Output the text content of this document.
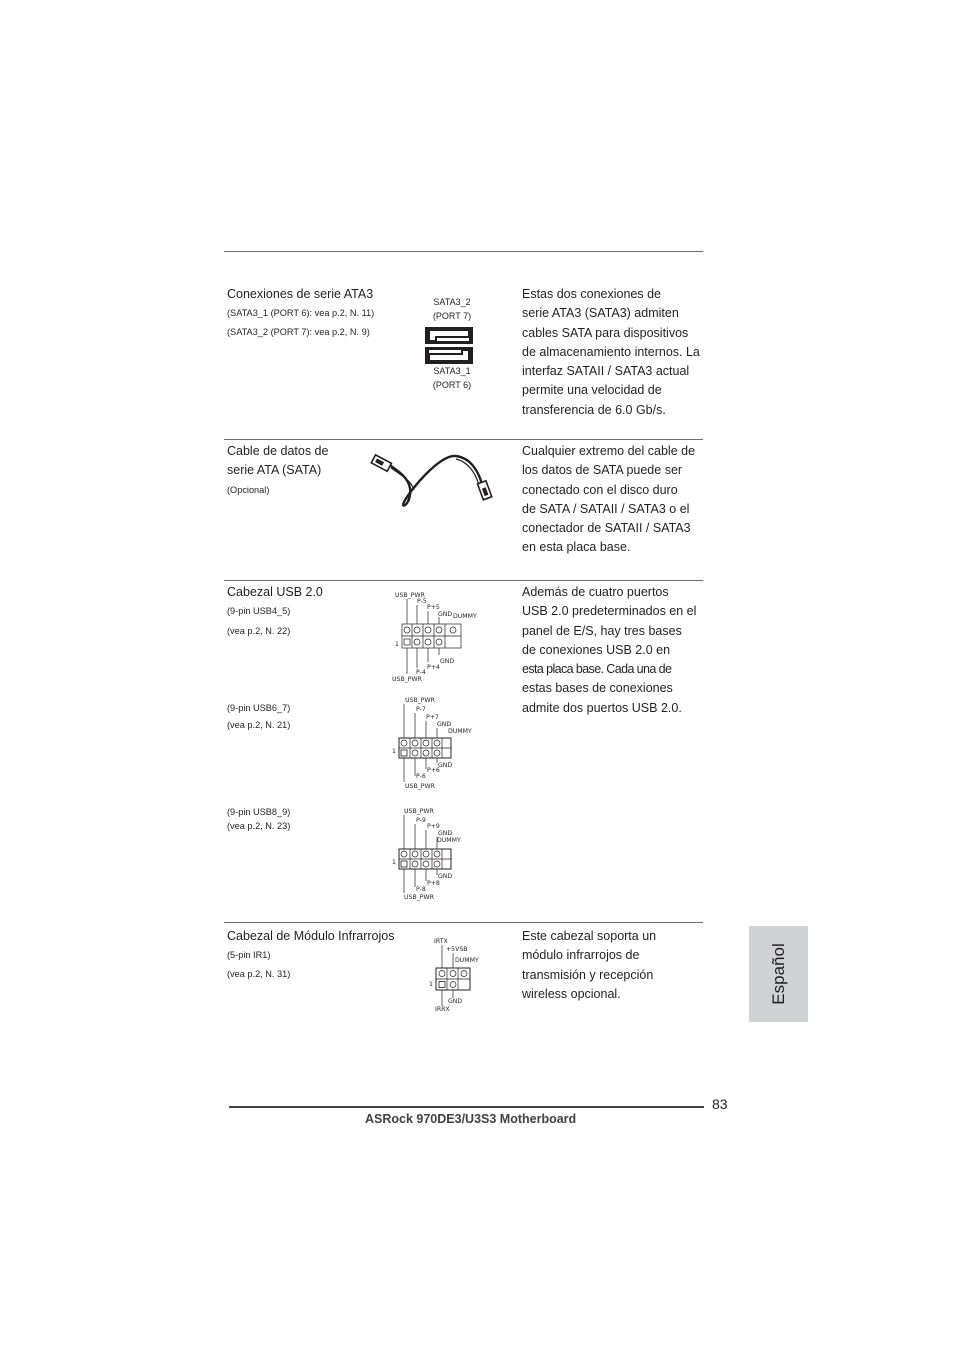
Conexiones de serie ATA3
(SATA3_1 (PORT 6): vea p.2, N. 11)
(SATA3_2 (PORT 7): vea p.2, N. 9)
SATA3_2
(PORT 7)
SATA3_1
(PORT 6)
Estas dos conexiones de
serie ATA3 (SATA3) admiten
cables SATA para dispositivos
de almacenamiento internos. La
interfaz SATAII / SATA3 actual
permite una velocidad de
transferencia de 6.0 Gb/s.
Cable de datos de
serie ATA (SATA)
(Opcional)
Cualquier extremo del cable de
los datos de SATA puede ser
conectado con el disco duro
de SATA / SATAII / SATA3 o el
conectador de SATAII / SATA3
en esta placa base.
Cabezal USB 2.0
(9-pin USB4_5)
(vea p.2, N. 22)
(9-pin USB6_7)
(vea p.2, N. 21)
(9-pin USB8_9)
(vea p.2, N. 23)
USB_PWR
P-5
P+5
GND DUMMY
1
GND
P+4
P-4
USB_PWR
USB_PWR
P-7
P+7
GND
DUMMY
1
GND
P+6
P-6
USB_PWR
USB_PWR
P-9
P+9
GND
DUMMY
1
GND
P+8
P-8
USB_PWR
Además de cuatro puertos
USB 2.0 predeterminados en el
panel de E/S, hay tres bases
de conexiones USB 2.0 en
esta placa base. Cada una de
estas bases de conexiones
admite dos puertos USB 2.0.
Cabezal de Módulo Infrarrojos
(5-pin IR1)
(vea p.2, N. 31)
IRTX
+5VSB
DUMMY
1
GND
IRRX
Este cabezal soporta un
módulo infrarrojos de
transmisión y recepción
wireless opcional.	Español
83
ASRock 970DE3/U3S3 Motherboard
